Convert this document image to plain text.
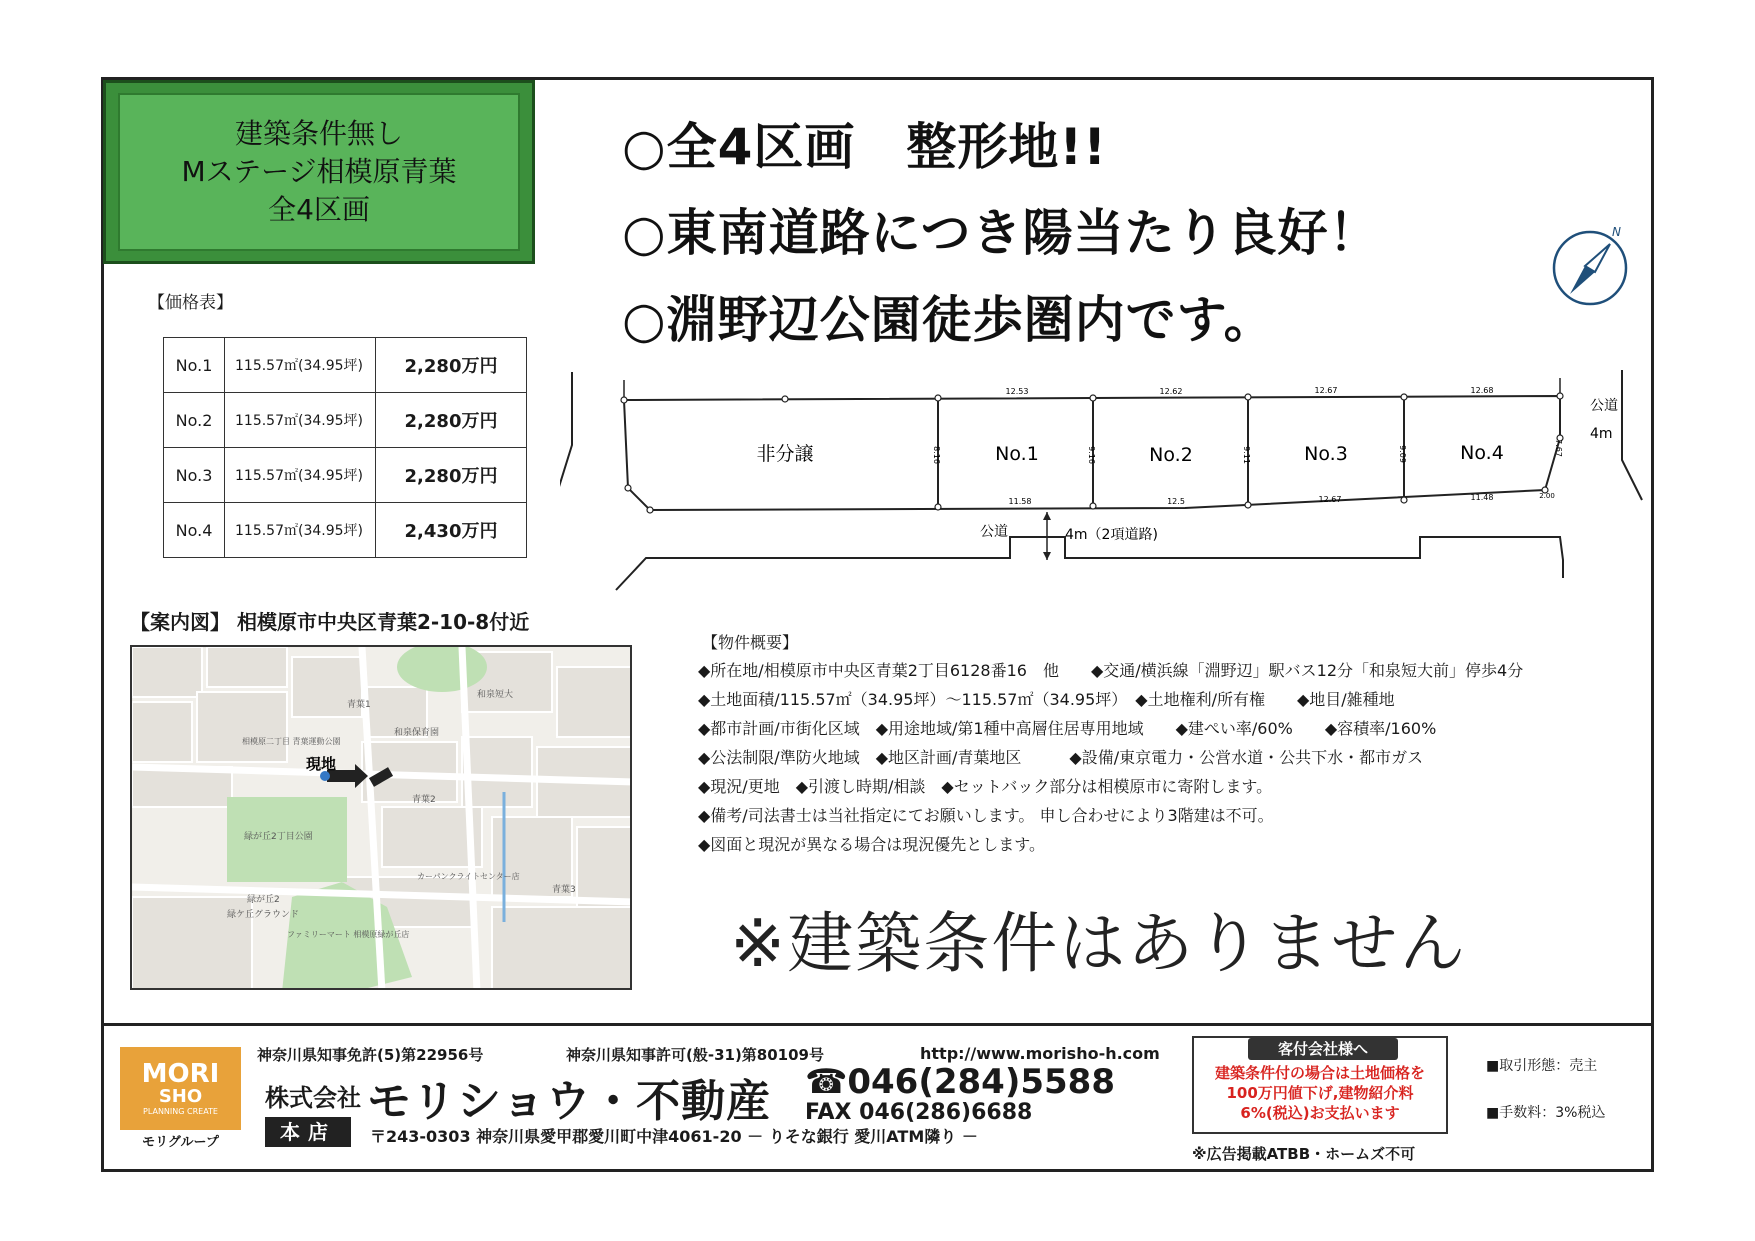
建築条件無し
Mステージ相模原青葉
全4区画
○全4区画　整形地!!
○東南道路につき陽当たり良好！
○淵野辺公園徒歩圏内です。
N
【価格表】
No.1	115.57㎡(34.95坪)	2,280万円
No.2	115.57㎡(34.95坪)	2,280万円
No.3	115.57㎡(34.95坪)	2,280万円
No.4	115.57㎡(34.95坪)	2,430万円
非分譲	No.1	No.2	No.3	No.4
12.53	12.62	12.67	12.68
11.58	12.5	12.67	11.48
8.16	9.16	9.11	9.09	7.67
2.00
公道
4m
公道	4m（2項道路)
【案内図】 相模原市中央区青葉2-10-8付近
現地
和泉短大
和泉保育園
緑が丘2丁目公園
緑が丘2
緑ケ丘グラウンド
ファミリーマート 相模原緑が丘店
青葉1
青葉2
青葉3
カーパンクライトセンター店
相模原二丁目 青葉運動公園
【物件概要】
◆所在地/相模原市中央区青葉2丁目6128番16　他　　◆交通/横浜線「淵野辺」駅バス12分「和泉短大前」停歩4分
◆土地面積/115.57㎡（34.95坪）～115.57㎡（34.95坪）　◆土地権利/所有権　　◆地目/雑種地
◆都市計画/市街化区域　◆用途地域/第1種中高層住居専用地域　　◆建ぺい率/60%　　◆容積率/160%
◆公法制限/準防火地域　◆地区計画/青葉地区　　　◆設備/東京電力・公営水道・公共下水・都市ガス
◆現況/更地　◆引渡し時期/相談　◆セットバック部分は相模原市に寄附します。
◆備考/司法書士は当社指定にてお願いします。 申し合わせにより3階建は不可。
◆図面と現況が異なる場合は現況優先とします。
※建築条件はありません
MORI
SHO
PLANNING CREATE
モリグループ
神奈川県知事免許(5)第22956号	神奈川県知事許可(般-31)第80109号	http://www.morisho-h.com
株式会社 モリショウ・不動産
本店	〒243-0303 神奈川県愛甲郡愛川町中津4061-20 － りそな銀行 愛川ATM隣り －
☎046(284)5588
FAX 046(286)6688
客付会社様へ
建築条件付の場合は土地価格を
100万円値下げ,建物紹介料
6%(税込)お支払います
※広告掲載ATBB・ホームズ不可
■取引形態：売主
■手数料：3%税込
